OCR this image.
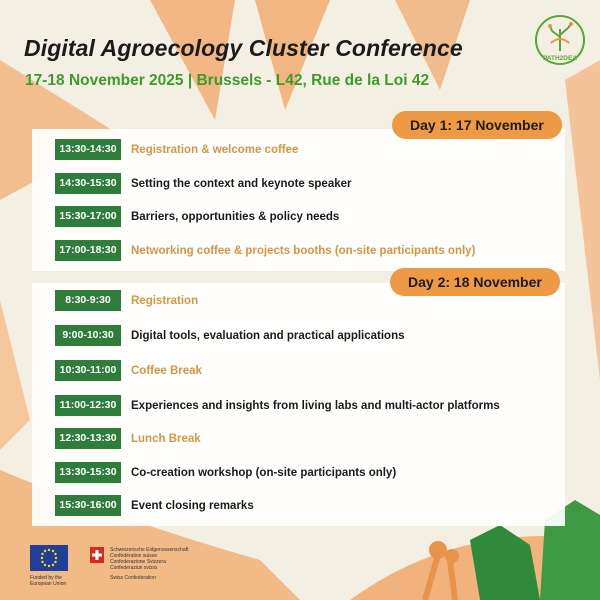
Digital Agroecology Cluster Conference
17-18 November 2025 | Brussels - L42, Rue de la Loi 42
PATH2DEA
Day 1: 17 November
Day 2: 18 November
13:30-14:30	Registration & welcome coffee
14:30-15:30	Setting the context and keynote speaker
15:30-17:00	Barriers, opportunities & policy needs
17:00-18:30	Networking coffee & projects booths (on-site participants only)
8:30-9:30	Registration
9:00-10:30	Digital tools, evaluation and practical applications
10:30-11:00	Coffee Break
11:00-12:30	Experiences and insights from living labs and multi-actor platforms
12:30-13:30	Lunch Break
13:30-15:30	Co-creation workshop (on-site participants only)
15:30-16:00	Event closing remarks
Funded by the European Union
Schweizerische Eidgenossenschaft
Confédération suisse
Confederazione Svizzera
Confederaziun svizra
Swiss Confederation
